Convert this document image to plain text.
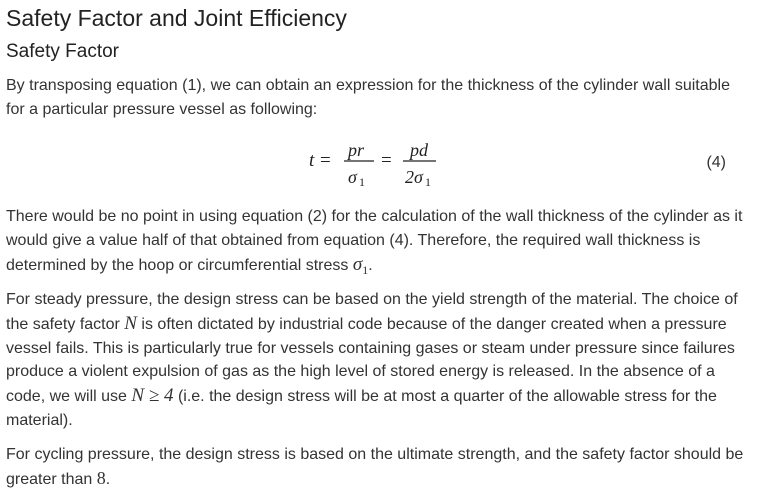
Safety Factor and Joint Efficiency
Safety Factor

By transposing equation (1), we can obtain an expression for the thickness of the cylinder wall suitable for a particular pressure vessel as following:

t = pr
σ 1
= pd
2σ 1
(4)

There would be no point in using equation (2) for the calculation of the wall thickness of the cylinder as it would give a value half of that obtained from equation (4). Therefore, the required wall thickness is determined by the hoop or circumferential stress $\sigma_1$.

For steady pressure, the design stress can be based on the yield strength of the material. The choice of the safety factor N is often dictated by industrial code because of the danger created when a pressure vessel fails. This is particularly true for vessels containing gases or steam under pressure since failures produce a violent expulsion of gas as the high level of stored energy is released. In the absence of a code, we will use N ≥ 4 (i.e. the design stress will be at most a quarter of the allowable stress for the material).

For cycling pressure, the design stress is based on the ultimate strength, and the safety factor should be greater than 8.
